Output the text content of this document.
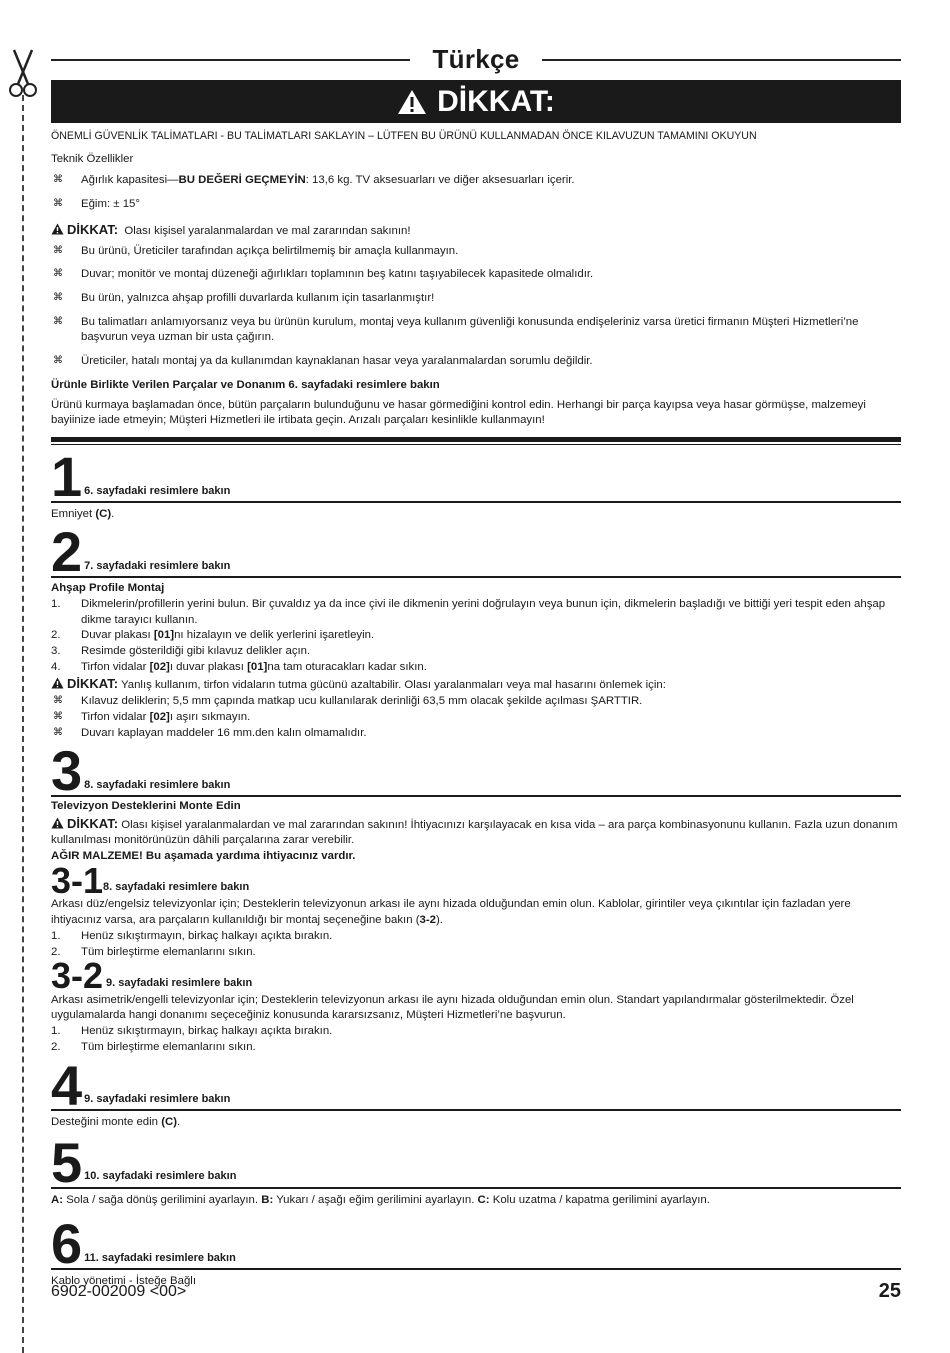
Türkçe
DİKKAT:
ÖNEMLİ GÜVENLİK TALİMATLARI - BU TALİMATLARI SAKLAYIN – LÜTFEN BU ÜRÜNÜ KULLANMADAN ÖNCE KILAVUZUN TAMAMINI OKUYUN

Teknik Özellikler

⌘ Ağırlık kapasitesi—BU DEĞERİ GEÇMEYİN: 13,6 kg. TV aksesuarları ve diğer aksesuarları içerir.
⌘ Eğim: ± 15°
DİKKAT: Olası kişisel yaralanmalardan ve mal zararından sakının!
⌘ Bu ürünü, Üreticiler tarafından açıkça belirtilmemiş bir amaçla kullanmayın.
⌘ Duvar; monitör ve montaj düzeneği ağırlıkları toplamının beş katını taşıyabilecek kapasitede olmalıdır.
⌘ Bu ürün, yalnızca ahşap profilli duvarlarda kullanım için tasarlanmıştır!
⌘ Bu talimatları anlamıyorsanız veya bu ürünün kurulum, montaj veya kullanım güvenliği konusunda endişeleriniz varsa üretici firmanın Müşteri Hizmetleri’ne başvurun veya uzman bir usta çağırın.
⌘ Üreticiler, hatalı montaj ya da kullanımdan kaynaklanan hasar veya yaralanmalardan sorumlu değildir.
Ürünle Birlikte Verilen Parçalar ve Donanım 6. sayfadaki resimlere bakın

Ürünü kurmaya başlamadan önce, bütün parçaların bulunduğunu ve hasar görmediğini kontrol edin. Herhangi bir parça kayıpsa veya hasar görmüşse, malzemeyi bayiinize iade etmeyin; Müşteri Hizmetleri ile irtibata geçin. Arızalı parçaları kesinlikle kullanmayın!

1 6. sayfadaki resimlere bakın

Emniyet (C).

2 7. sayfadaki resimlere bakın
Ahşap Profile Montaj
1. Dikmelerin/profillerin yerini bulun. Bir çuvaldız ya da ince çivi ile dikmenin yerini doğrulayın veya bunun için, dikmelerin başladığı ve bittiği yeri tespit eden ahşap dikme tarayıcı kullanın.
2. Duvar plakası [01]nı hizalayın ve delik yerlerini işaretleyin.
3. Resimde gösterildiği gibi kılavuz delikler açın.
4. Tirfon vidalar [02]ı duvar plakası [01]na tam oturacakları kadar sıkın.
DİKKAT: Yanlış kullanım, tirfon vidaların tutma gücünü azaltabilir. Olası yaralanmaları veya mal hasarını önlemek için:
⌘ Kılavuz deliklerin; 5,5 mm çapında matkap ucu kullanılarak derinliği 63,5 mm olacak şekilde açılması ŞARTTIR.
⌘ Tirfon vidalar [02]ı aşırı sıkmayın.
⌘ Duvarı kaplayan maddeler 16 mm.den kalın olmamalıdır.
3 8. sayfadaki resimlere bakın
Televizyon Desteklerini Monte Edin
DİKKAT: Olası kişisel yaralanmalardan ve mal zararından sakının! İhtiyacınızı karşılayacak en kısa vida – ara parça kombinasyonunu kullanın. Fazla uzun donanım kullanılması monitörünüzün dâhili parçalarına zarar verebilir.
AĞIR MALZEME! Bu aşamada yardıma ihtiyacınız vardır.
3-1 8. sayfadaki resimlere bakın
Arkası düz/engelsiz televizyonlar için; Desteklerin televizyonun arkası ile aynı hizada olduğundan emin olun. Kablolar, girintiler veya çıkıntılar için fazladan yere ihtiyacınız varsa, ara parçaların kullanıldığı bir montaj seçeneğine bakın (3-2).
1. Henüz sıkıştırmayın, birkaç halkayı açıkta bırakın.
2. Tüm birleştirme elemanlarını sıkın.
3-2 9. sayfadaki resimlere bakın
Arkası asimetrik/engelli televizyonlar için; Desteklerin televizyonun arkası ile aynı hizada olduğundan emin olun. Standart yapılandırmalar gösterilmektedir. Özel uygulamalarda hangi donanımı seçeceğiniz konusunda kararsızsanız, Müşteri Hizmetleri’ne başvurun.
1. Henüz sıkıştırmayın, birkaç halkayı açıkta bırakın.
2. Tüm birleştirme elemanlarını sıkın.
4 9. sayfadaki resimlere bakın

Desteğini monte edin (C).

5 10. sayfadaki resimlere bakın

A: Sola / sağa dönüş gerilimini ayarlayın. B: Yukarı / aşağı eğim gerilimini ayarlayın. C: Kolu uzatma / kapatma gerilimini ayarlayın.

6 11. sayfadaki resimlere bakın

Kablo yönetimi - İsteğe Bağlı

6902-002009 <00>	25
